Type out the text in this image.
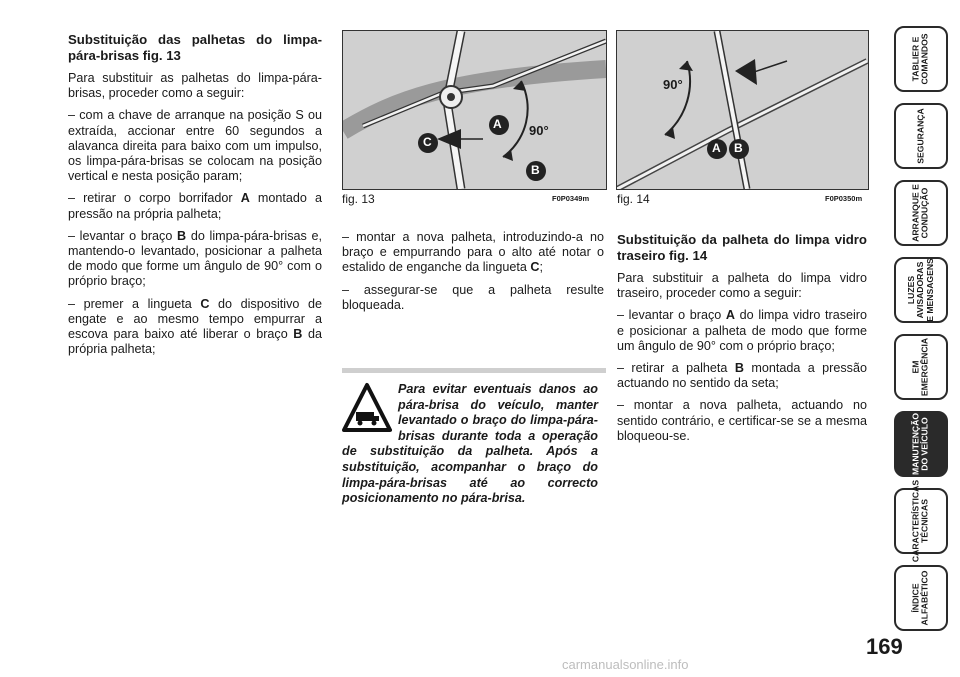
Substituição das palhetas do limpa-pára-brisas fig. 13

Para substituir as palhetas do limpa-pára-brisas, proceder como a seguir:

– com a chave de arranque na posição S ou extraída, accionar entre 60 segundos a alavanca direita para baixo com um impulso, os limpa-pára-brisas se colocam na posição vertical e nesta posição param;

– retirar o corpo borrifador A montado a pressão na própria palheta;

– levantar o braço B do limpa-pára-brisas e, mantendo-o levantado, posicionar a palheta de modo que forme um ângulo de 90° com o próprio braço;

– premer a lingueta C do dispositivo de engate e ao mesmo tempo empurrar a escova para baixo até liberar o braço B da própria palheta;

90°
A
B
C
fig. 13	F0P0349m
90°
A B
fig. 14	F0P0350m

– montar a nova palheta, introduzindo-a no braço e empurrando para o alto até notar o estalido de enganche da lingueta C;

– assegurar-se que a palheta resulte bloqueada.

Para evitar eventuais danos ao pára-brisa do veículo, manter levantado o braço do limpa-pára-brisas durante toda a operação de substituição da palheta. Após a substituição, acompanhar o braço do limpa-pára-brisas até ao correcto posicionamento no pára-brisa.

Substituição da palheta do limpa vidro traseiro fig. 14

Para substituir a palheta do limpa vidro traseiro, proceder como a seguir:

– levantar o braço A do limpa vidro traseiro e posicionar a palheta de modo que forme um ângulo de 90° com o próprio braço;

– retirar a palheta B montada a pressão actuando no sentido da seta;

– montar a nova palheta, actuando no sentido contrário, e certificar-se se a mesma bloqueou-se.

TABLIER E
COMANDOS
SEGURANÇA
ARRANQUE E
CONDUÇÃO
LUZES
AVISADORAS
E MENSAGENS
EM
EMERGÊNCIA
MANUTENÇÃO
DO VEÍCULO
CARACTERÍSTICAS
TÉCNICAS
ÍNDICE
ALFABÉTICO
169
carmanualsonline.info
